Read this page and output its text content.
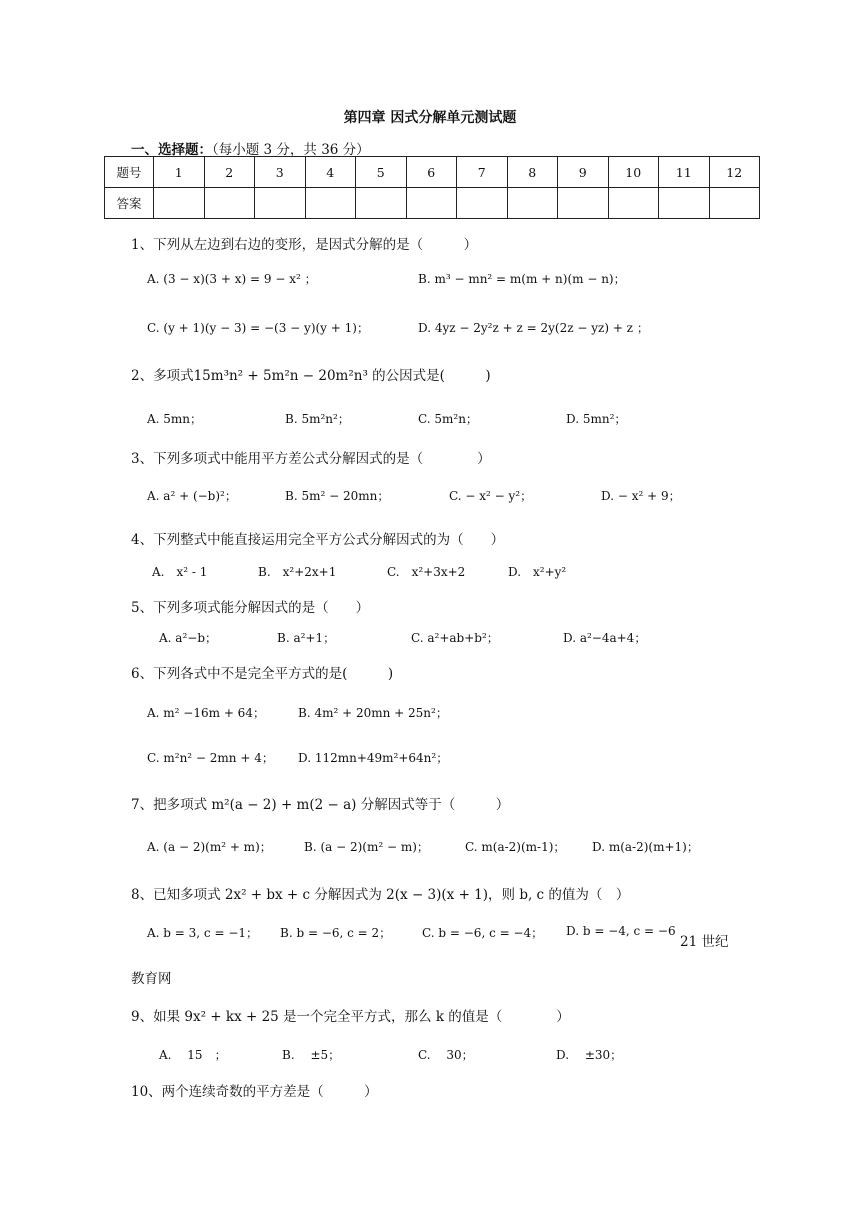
第四章 因式分解单元测试题
一、选择题：（每小题 3 分，共 36 分）
题号	1	2	3	4	5	6	7	8	9	10	11	12
答案												
1、下列从左边到右边的变形，是因式分解的是（　　　）
A. (3 − x)(3 + x) = 9 − x² ；	B. m³ − mn² = m(m + n)(m − n)；
C. (y + 1)(y − 3) = −(3 − y)(y + 1)；	D. 4yz − 2y²z + z = 2y(2z − yz) + z ；
2、多项式15m³n² + 5m²n − 20m²n³ 的公因式是(　　　)
A. 5mn；	B. 5m²n²；	C. 5m²n；	D. 5mn²；
3、下列多项式中能用平方差公式分解因式的是（　　　　）
A. a² + (−b)²；	B. 5m² − 20mn；	C. − x² − y²；	D. − x² + 9；
4、下列整式中能直接运用完全平方公式分解因式的为（　　）
A.　x² - 1	B.　x²+2x+1	C.　x²+3x+2	D.　x²+y²
5、下列多项式能分解因式的是（　　）
A. a²−b；	B. a²+1；	C. a²+ab+b²；	D. a²−4a+4；
6、下列各式中不是完全平方式的是(　　　)
A. m² −16m + 64；	B. 4m² + 20mn + 25n²；
C. m²n² − 2mn + 4； D. 112mn+49m²+64n²；
7、把多项式 m²(a − 2) + m(2 − a) 分解因式等于（　　　）
A. (a − 2)(m² + m)；	B. (a − 2)(m² − m)；	C. m(a-2)(m-1)； D. m(a-2)(m+1)；
8、已知多项式 2x² + bx + c 分解因式为 2(x − 3)(x + 1)，则 b, c 的值为（　）
A. b = 3, c = −1； B. b = −6, c = 2；	C. b = −6, c = −4； D. b = −4, c = −6
21 世纪
教育网
9、如果 9x² + kx + 25 是一个完全平方式，那么 k 的值是（　　　　）
A.　 15　；	B.　 ±5；	C.　 30；	D.　 ±30；
10、两个连续奇数的平方差是（　　　）
